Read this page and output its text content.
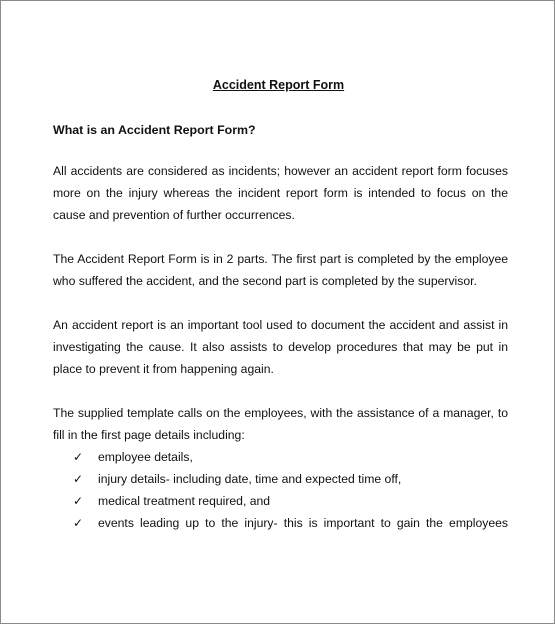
Accident Report Form

What is an Accident Report Form?

All accidents are considered as incidents; however an accident report form focuses more on the injury whereas the incident report form is intended to focus on the cause and prevention of further occurrences.

The Accident Report Form is in 2 parts. The first part is completed by the employee who suffered the accident, and the second part is completed by the supervisor.

An accident report is an important tool used to document the accident and assist in investigating the cause. It also assists to develop procedures that may be put in place to prevent it from happening again.

The supplied template calls on the employees, with the assistance of a manager, to fill in the first page details including:

✓	employee details,
✓	injury details- including date, time and expected time off,
✓	medical treatment required, and
✓	events leading up to the injury- this is important to gain the employees
